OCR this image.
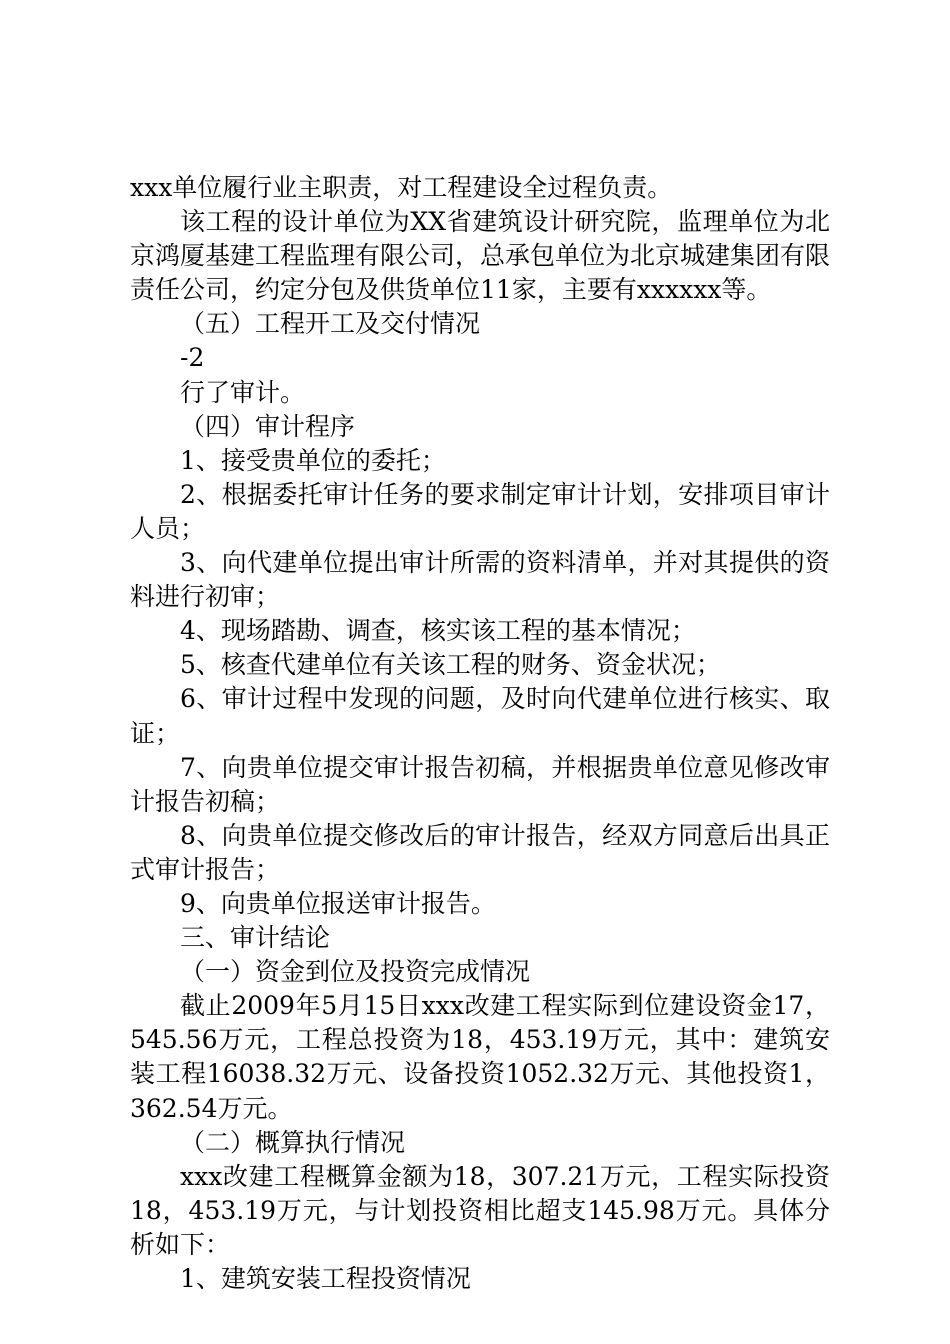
xxx单位履行业主职责，对工程建设全过程负责。

该工程的设计单位为XX省建筑设计研究院，监理单位为北京鸿厦基建工程监理有限公司，总承包单位为北京城建集团有限责任公司，约定分包及供货单位11家，主要有xxxxxx等。

（五）工程开工及交付情况

-2

行了审计。

（四）审计程序

1、接受贵单位的委托；

2、根据委托审计任务的要求制定审计计划，安排项目审计人员；

3、向代建单位提出审计所需的资料清单，并对其提供的资料进行初审；

4、现场踏勘、调查，核实该工程的基本情况；

5、核查代建单位有关该工程的财务、资金状况；

6、审计过程中发现的问题，及时向代建单位进行核实、取证；

7、向贵单位提交审计报告初稿，并根据贵单位意见修改审计报告初稿；

8、向贵单位提交修改后的审计报告，经双方同意后出具正式审计报告；

9、向贵单位报送审计报告。

三、审计结论

（一）资金到位及投资完成情况

截止2009年5月15日xxx改建工程实际到位建设资金17，545.56万元，工程总投资为18，453.19万元，其中：建筑安装工程16038.32万元、设备投资1052.32万元、其他投资1，362.54万元。

（二）概算执行情况

xxx改建工程概算金额为18，307.21万元，工程实际投资18，453.19万元，与计划投资相比超支145.98万元。具体分析如下：

1、建筑安装工程投资情况
